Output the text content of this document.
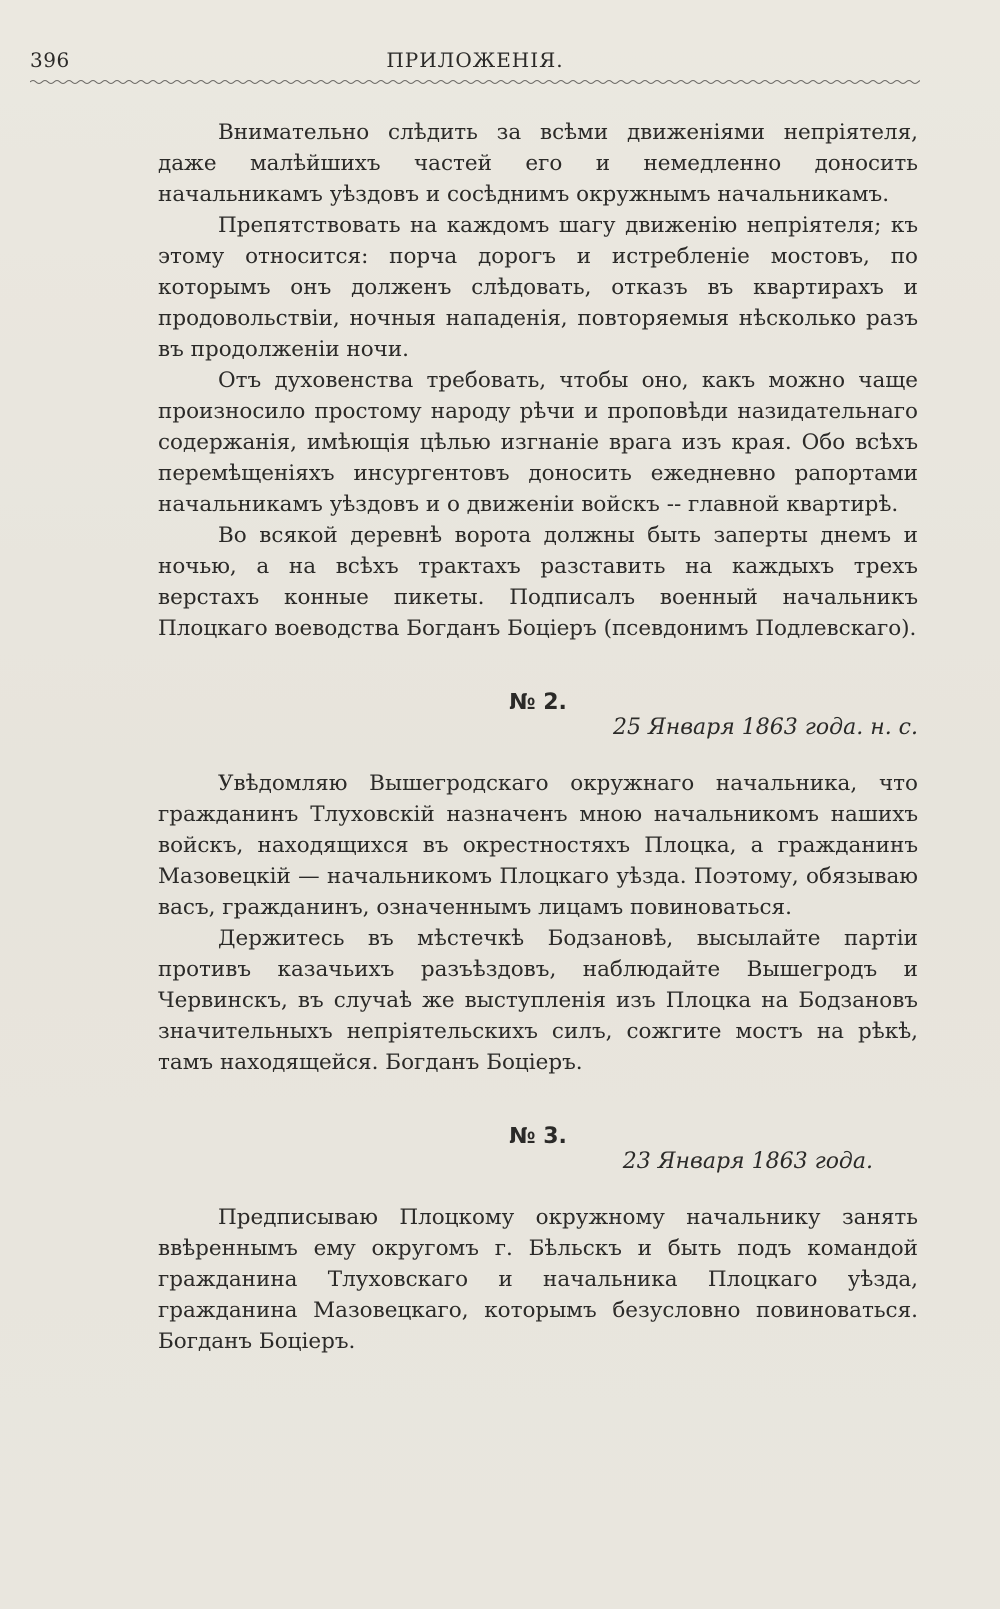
396	ПРИЛОЖЕНІЯ.

Внимательно слѣдить за всѣми движеніями непріятеля, даже малѣйшихъ частей его и немедленно доносить начальникамъ уѣздовъ и сосѣднимъ окружнымъ начальникамъ.

Препятствовать на каждомъ шагу движенію непріятеля; къ этому относится: порча дорогъ и истребленіе мостовъ, по которымъ онъ долженъ слѣдовать, отказъ въ квартирахъ и продовольствіи, ночныя нападенія, повторяемыя нѣсколько разъ въ продолженіи ночи.

Отъ духовенства требовать, чтобы оно, какъ можно чаще произносило простому народу рѣчи и проповѣди назидательнаго содержанія, имѣющія цѣлью изгнаніе врага изъ края. Обо всѣхъ перемѣщеніяхъ инсургентовъ доносить ежедневно рапортами начальникамъ уѣздовъ и о движеніи войскъ -- главной квартирѣ.

Во всякой деревнѣ ворота должны быть заперты днемъ и ночью, а на всѣхъ трактахъ разставить на каждыхъ трехъ верстахъ конные пикеты. Подписалъ военный начальникъ Плоцкаго воеводства Богданъ Боціеръ (псевдонимъ Подлевскаго).

№ 2.

25 Января 1863 года. н. с.

Увѣдомляю Вышегродскаго окружнаго начальника, что гражданинъ Тлуховскій назначенъ мною начальникомъ нашихъ войскъ, находящихся въ окрестностяхъ Плоцка, а гражданинъ Мазовецкій — начальникомъ Плоцкаго уѣзда. Поэтому, обязываю васъ, гражданинъ, означеннымъ лицамъ повиноваться.

Держитесь въ мѣстечкѣ Бодзановѣ, высылайте партіи противъ казачьихъ разъѣздовъ, наблюдайте Вышегродъ и Червинскъ, въ случаѣ же выступленія изъ Плоцка на Бодзановъ значительныхъ непріятельскихъ силъ, сожгите мостъ на рѣкѣ, тамъ находящейся. Богданъ Боціеръ.

№ 3.

23 Января 1863 года.

Предписываю Плоцкому окружному начальнику занять ввѣреннымъ ему округомъ г. Бѣльскъ и быть подъ командой гражданина Тлуховскаго и начальника Плоцкаго уѣзда, гражданина Мазовецкаго, которымъ безусловно повиноваться. Богданъ Боціеръ.
